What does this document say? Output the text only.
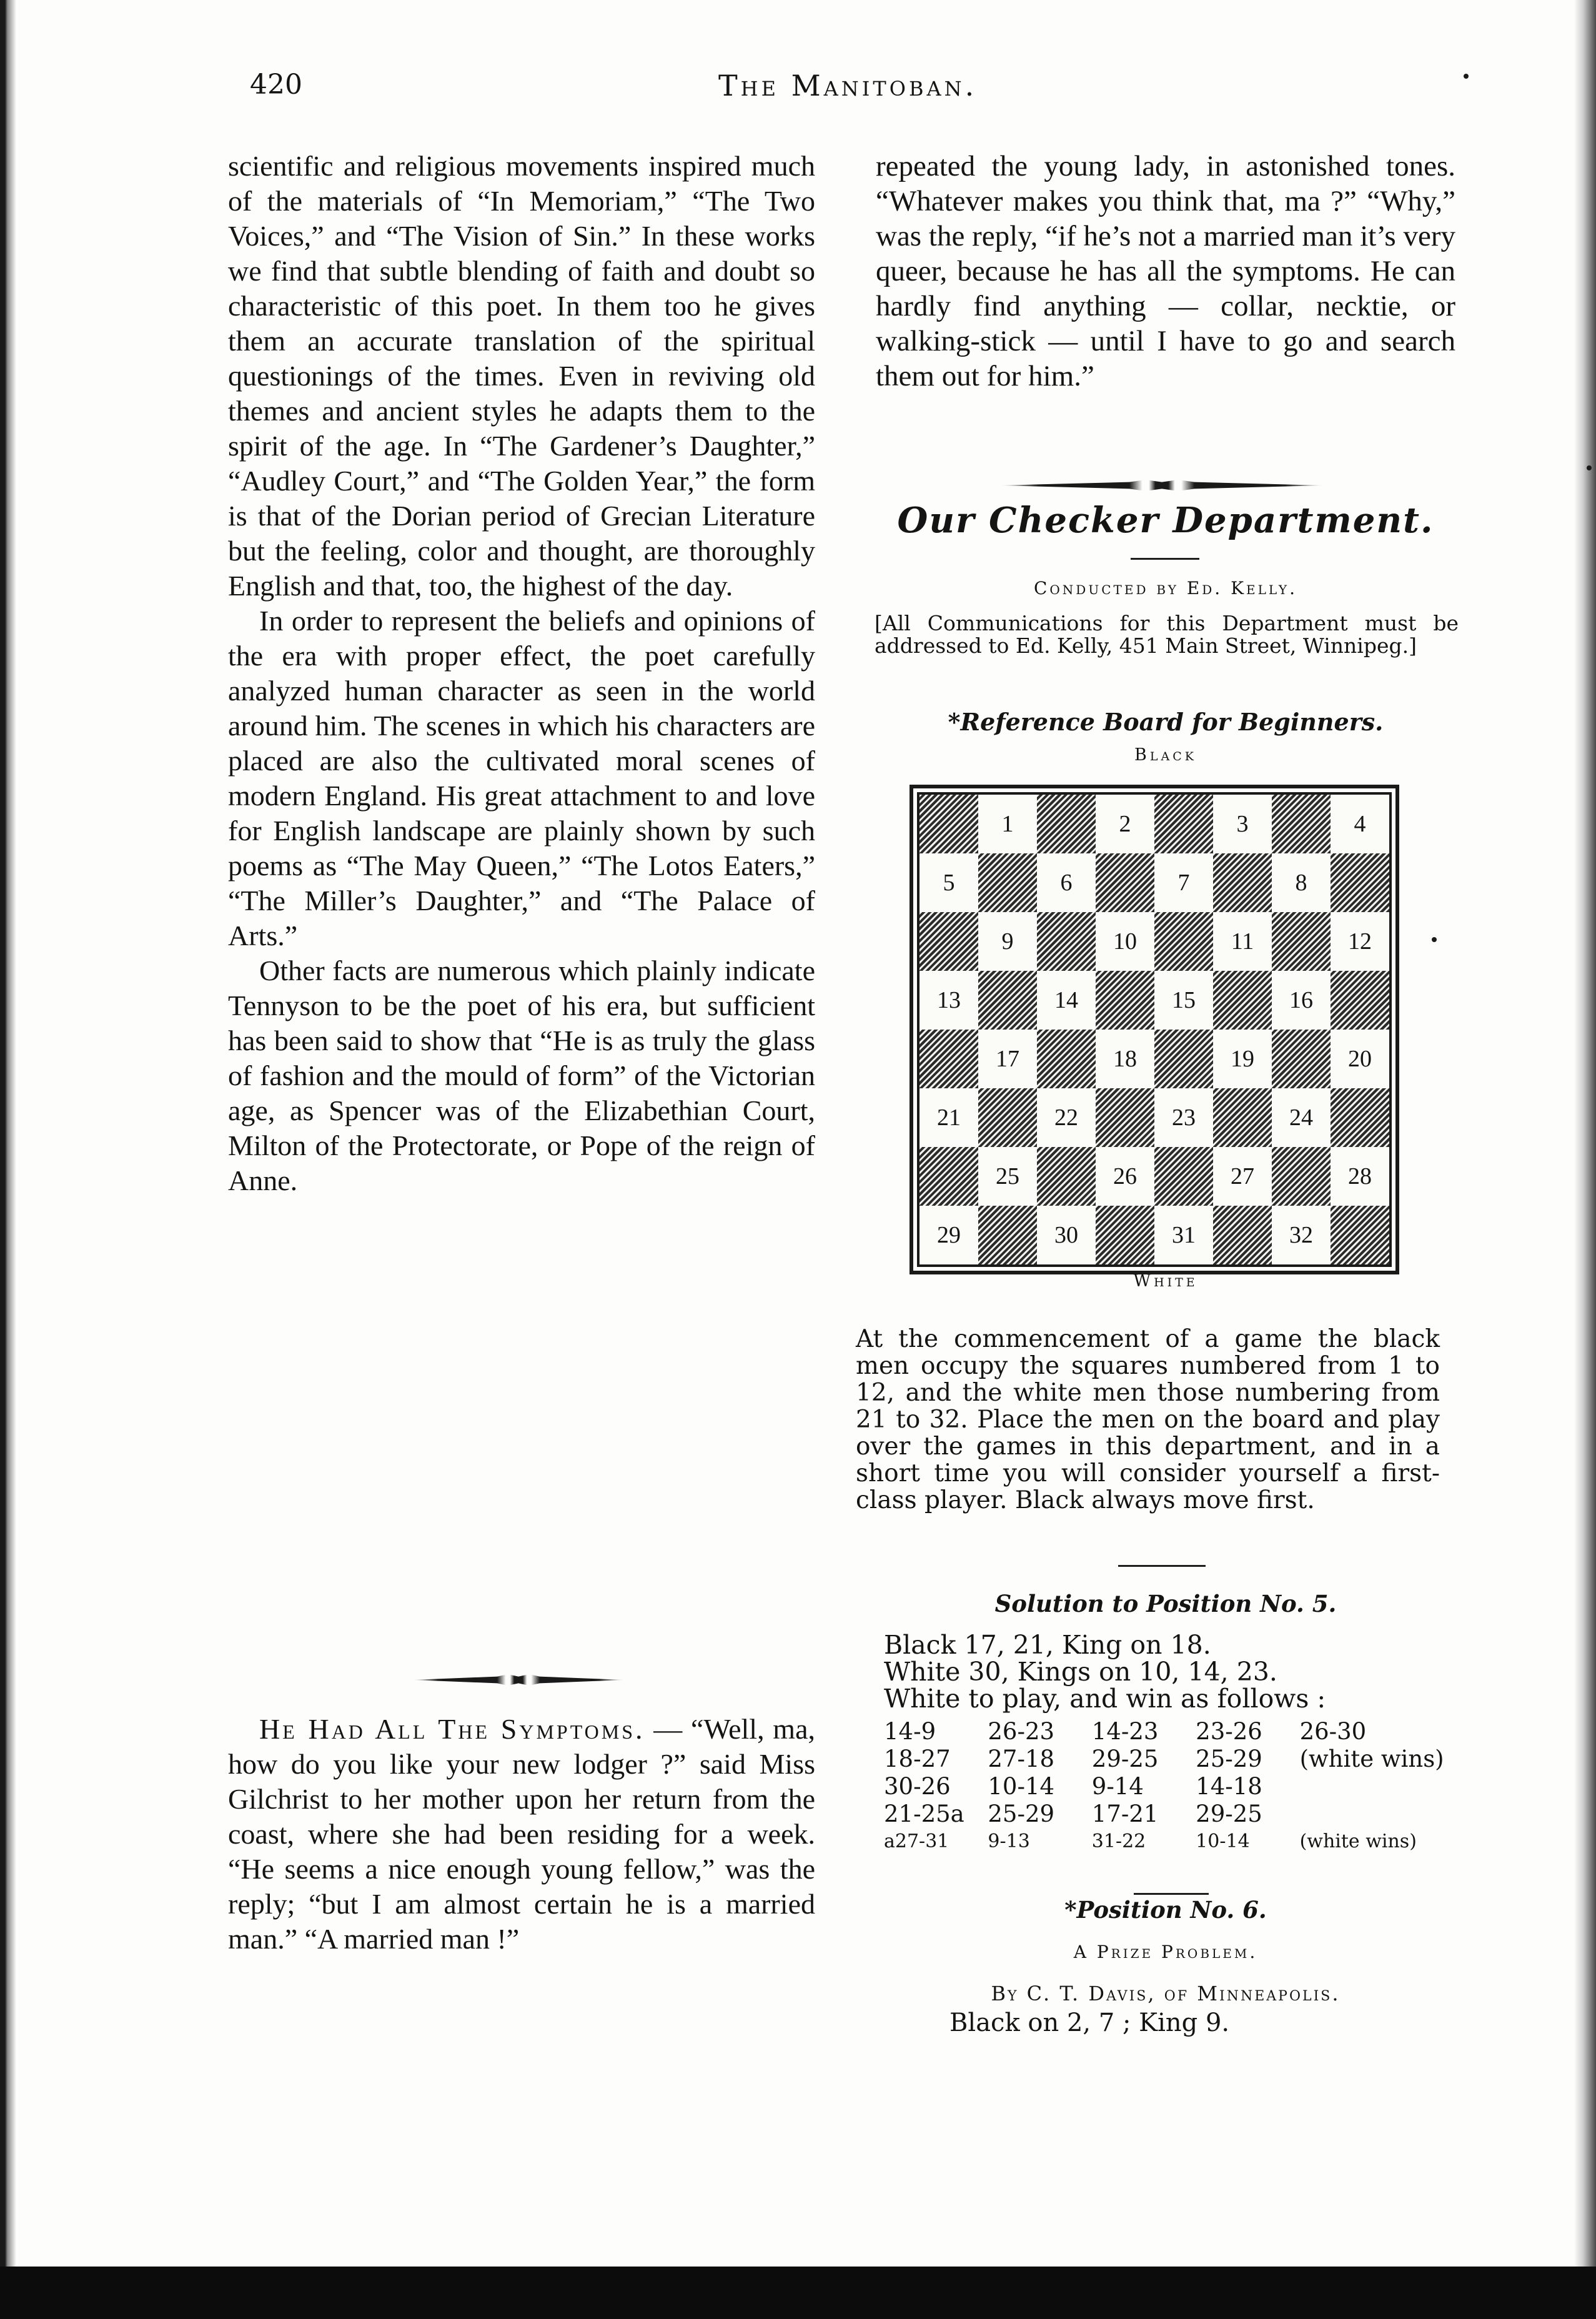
420	The Manitoban.

scientific and religious movements inspired much of the materials of “In Memoriam,” “The Two Voices,” and “The Vision of Sin.” In these works we find that subtle blending of faith and doubt so characteristic of this poet. In them too he gives them an accurate translation of the spiritual questionings of the times. Even in reviving old themes and ancient styles he adapts them to the spirit of the age. In “The Gardener’s Daughter,” “Audley Court,” and “The Golden Year,” the form is that of the Dorian period of Grecian Literature but the feeling, color and thought, are thoroughly English and that, too, the highest of the day.

In order to represent the beliefs and opinions of the era with proper effect, the poet carefully analyzed human character as seen in the world around him. The scenes in which his characters are placed are also the cultivated moral scenes of modern England. His great attachment to and love for English landscape are plainly shown by such poems as “The May Queen,” “The Lotos Eaters,” “The Miller’s Daughter,” and “The Palace of Arts.”

Other facts are numerous which plainly indicate Tennyson to be the poet of his era, but sufficient has been said to show that “He is as truly the glass of fashion and the mould of form” of the Victorian age, as Spencer was of the Elizabethian Court, Milton of the Protectorate, or Pope of the reign of Anne.

He Had All The Symptoms. — “Well, ma, how do you like your new lodger ?” said Miss Gilchrist to her mother upon her return from the coast, where she had been residing for a week. “He seems a nice enough young fellow,” was the reply; “but I am almost certain he is a married man.” “A married man !”

repeated the young lady, in astonished tones. “Whatever makes you think that, ma ?” “Why,” was the reply, “if he’s not a married man it’s very queer, because he has all the symptoms. He can hardly find anything — collar, necktie, or walking-stick — until I have to go and search them out for him.”

Our Checker Department.
Conducted by Ed. Kelly.
[All Communications for this Department must be addressed to Ed. Kelly, 451 Main Street, Winnipeg.]
*Reference Board for Beginners.
Black
1	2	3	4
5	6	7	8
9	10	11	12
13	14	15	16
17	18	19	20
21	22	23	24
25	26	27	28
29	30	31	32
White
At the commencement of a game the black men occupy the squares numbered from 1 to 12, and the white men those numbering from 21 to 32. Place the men on the board and play over the games in this department, and in a short time you will consider yourself a first-class player. Black always move first.
Solution to Position No. 5.
Black 17, 21, King on 18.
White 30, Kings on 10, 14, 23.
White to play, and win as follows :
14-9	26-23	14-23	23-26	26-30
18-27	27-18	29-25	25-29	(white wins)
30-26	10-14	9-14	14-18
21-25a	25-29	17-21	29-25
a27-31	9-13	31-22	10-14	(white wins)
*Position No. 6.
A Prize Problem.
By C. T. Davis, of Minneapolis.
Black on 2, 7 ; King 9.
